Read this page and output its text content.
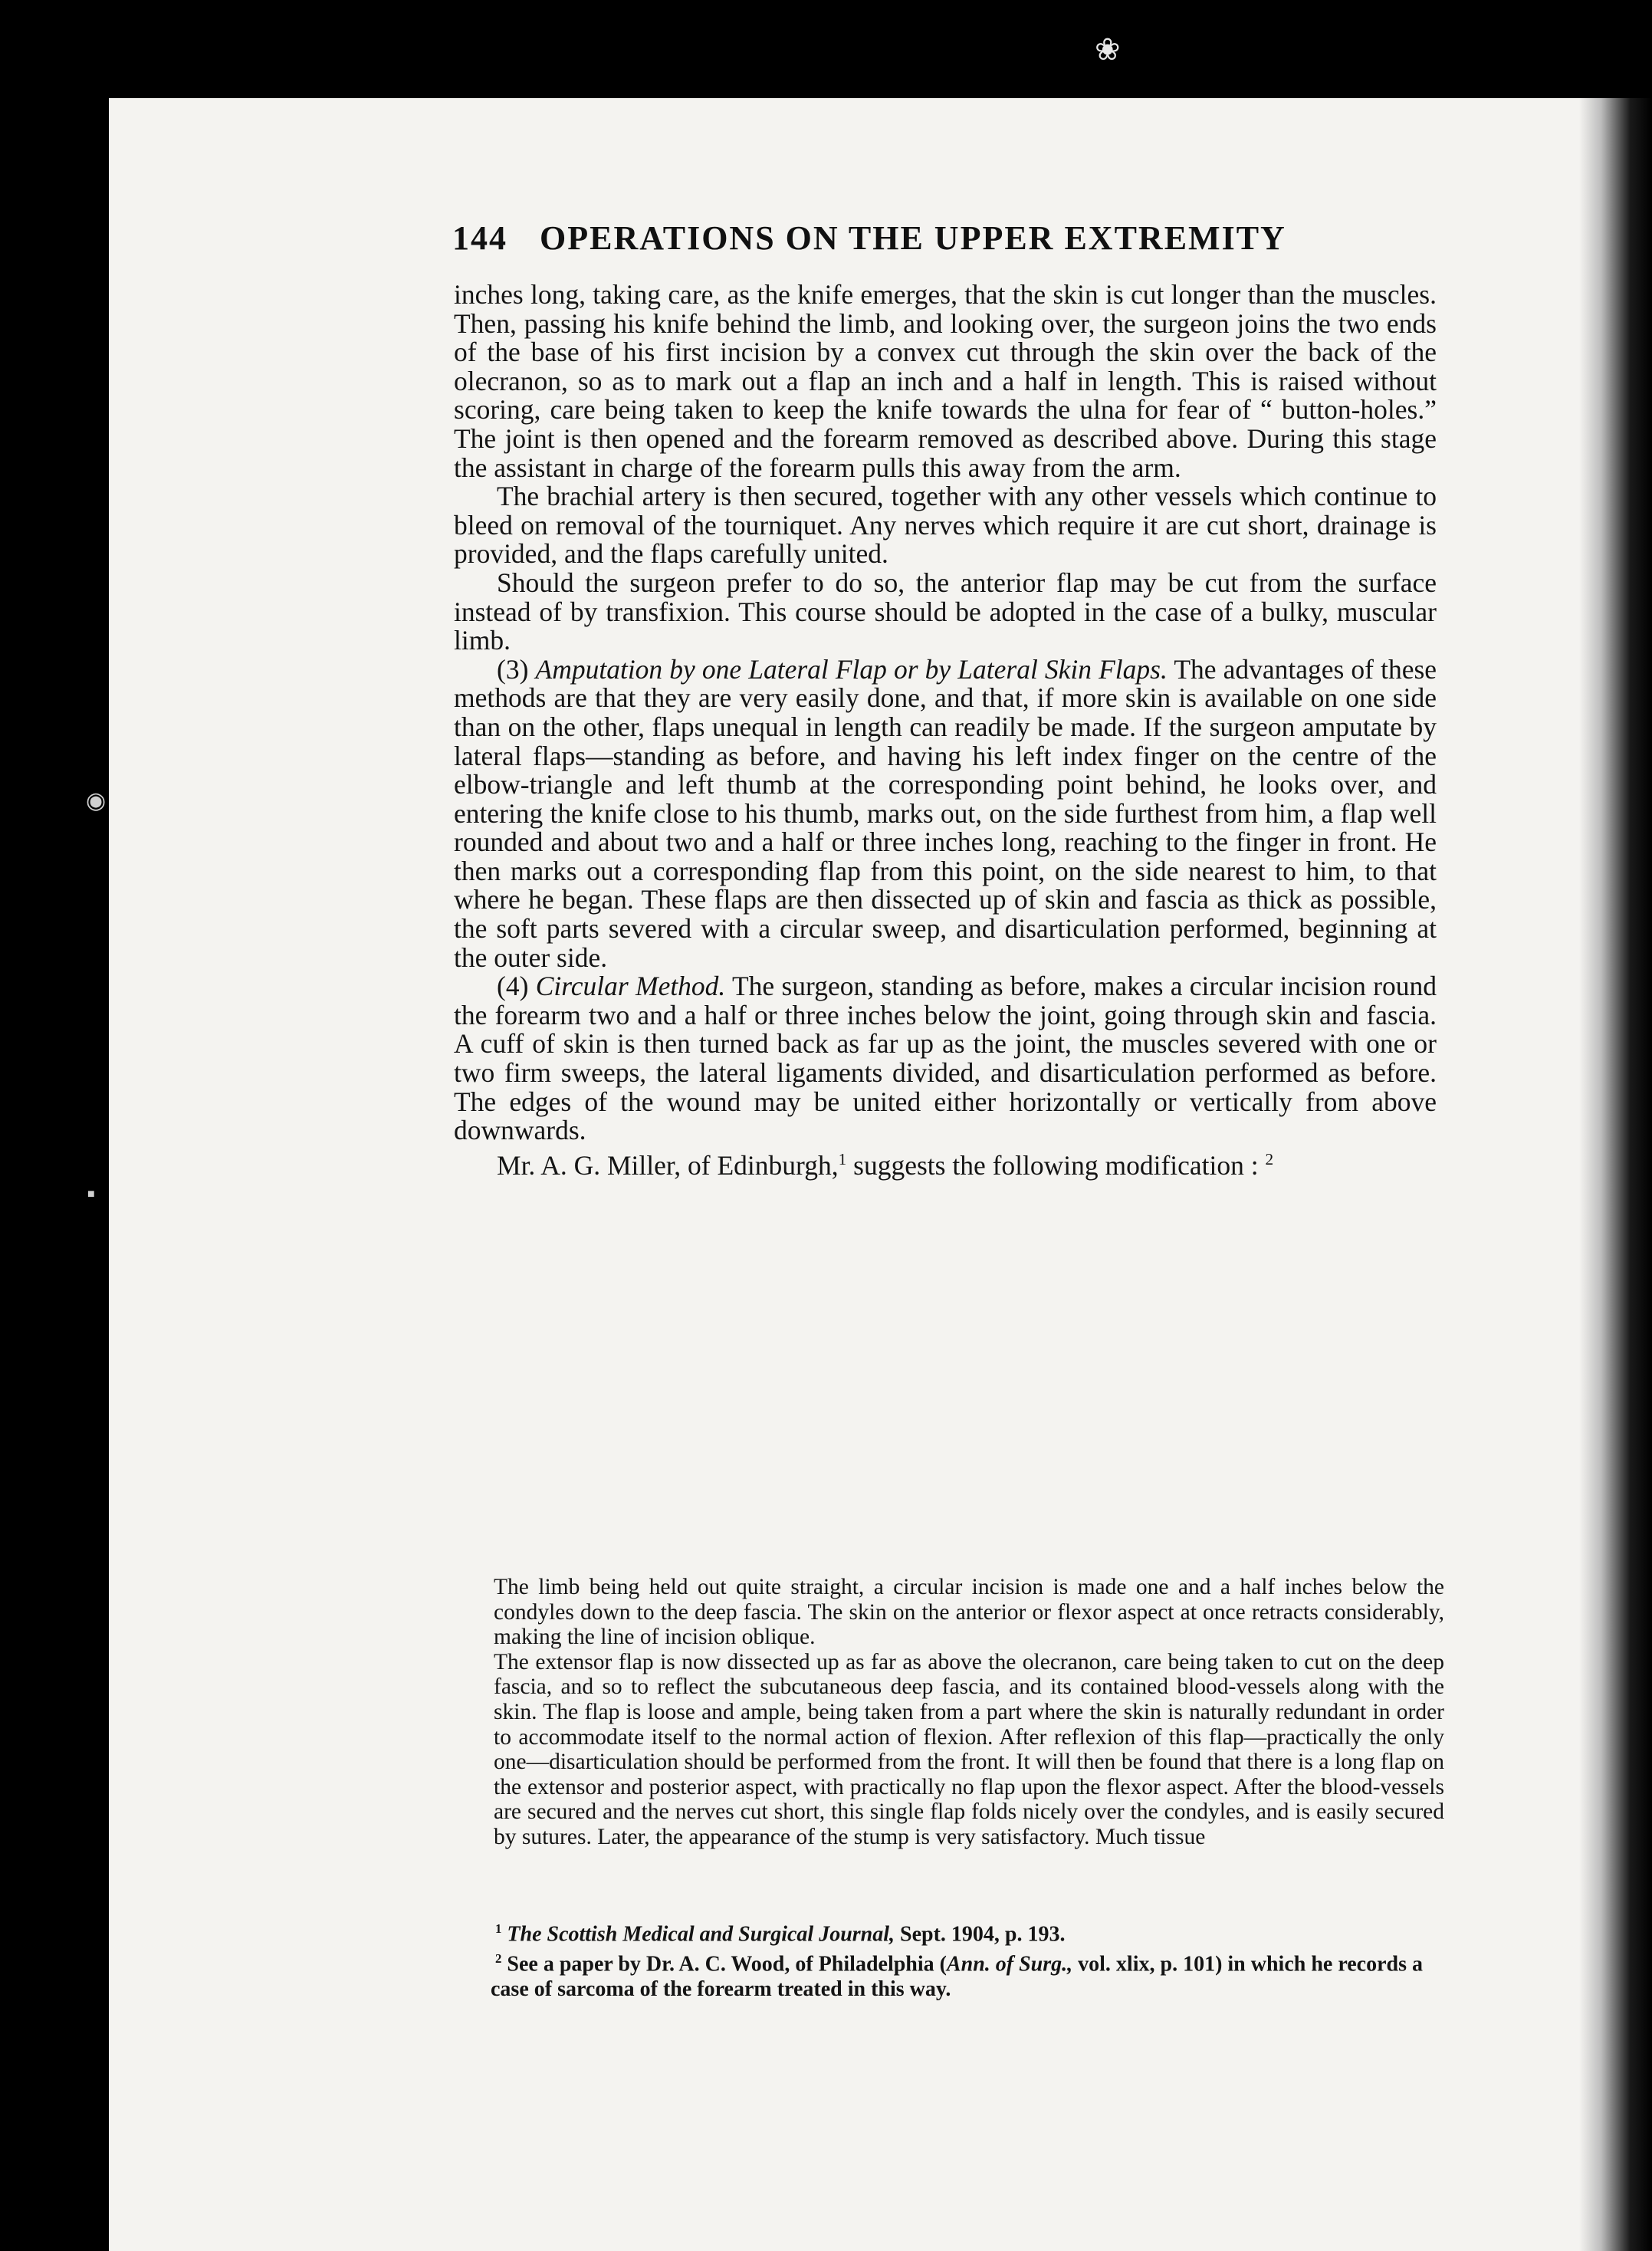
❀
◉
■
144 OPERATIONS ON THE UPPER EXTREMITY

inches long, taking care, as the knife emerges, that the skin is cut longer than the muscles. Then, passing his knife behind the limb, and looking over, the surgeon joins the two ends of the base of his first incision by a convex cut through the skin over the back of the olecranon, so as to mark out a flap an inch and a half in length. This is raised without scoring, care being taken to keep the knife towards the ulna for fear of “ button-holes.” The joint is then opened and the forearm removed as described above. During this stage the assistant in charge of the forearm pulls this away from the arm.

The brachial artery is then secured, together with any other vessels which continue to bleed on removal of the tourniquet. Any nerves which require it are cut short, drainage is provided, and the flaps carefully united.

Should the surgeon prefer to do so, the anterior flap may be cut from the surface instead of by transfixion. This course should be adopted in the case of a bulky, muscular limb.

(3) Amputation by one Lateral Flap or by Lateral Skin Flaps. The advantages of these methods are that they are very easily done, and that, if more skin is available on one side than on the other, flaps unequal in length can readily be made. If the surgeon amputate by lateral flaps—standing as before, and having his left index finger on the centre of the elbow-triangle and left thumb at the corresponding point behind, he looks over, and entering the knife close to his thumb, marks out, on the side furthest from him, a flap well rounded and about two and a half or three inches long, reaching to the finger in front. He then marks out a corresponding flap from this point, on the side nearest to him, to that where he began. These flaps are then dissected up of skin and fascia as thick as possible, the soft parts severed with a circular sweep, and disarticulation performed, beginning at the outer side.

(4) Circular Method. The surgeon, standing as before, makes a circular incision round the forearm two and a half or three inches below the joint, going through skin and fascia. A cuff of skin is then turned back as far up as the joint, the muscles severed with one or two firm sweeps, the lateral ligaments divided, and disarticulation performed as before. The edges of the wound may be united either horizontally or vertically from above downwards.

Mr. A. G. Miller, of Edinburgh,$^1$ suggests the following modification : $^2$

The limb being held out quite straight, a circular incision is made one and a half inches below the condyles down to the deep fascia. The skin on the anterior or flexor aspect at once retracts considerably, making the line of incision oblique.

The extensor flap is now dissected up as far as above the olecranon, care being taken to cut on the deep fascia, and so to reflect the subcutaneous deep fascia, and its contained blood-vessels along with the skin. The flap is loose and ample, being taken from a part where the skin is naturally redundant in order to accommodate itself to the normal action of flexion. After reflexion of this flap—practically the only one—disarticulation should be performed from the front. It will then be found that there is a long flap on the extensor and posterior aspect, with practically no flap upon the flexor aspect. After the blood-vessels are secured and the nerves cut short, this single flap folds nicely over the condyles, and is easily secured by sutures. Later, the appearance of the stump is very satisfactory. Much tissue

$^1$ The Scottish Medical and Surgical Journal, Sept. 1904, p. 193.

$^2$ See a paper by Dr. A. C. Wood, of Philadelphia (Ann. of Surg., vol. xlix, p. 101) in which he records a case of sarcoma of the forearm treated in this way.
